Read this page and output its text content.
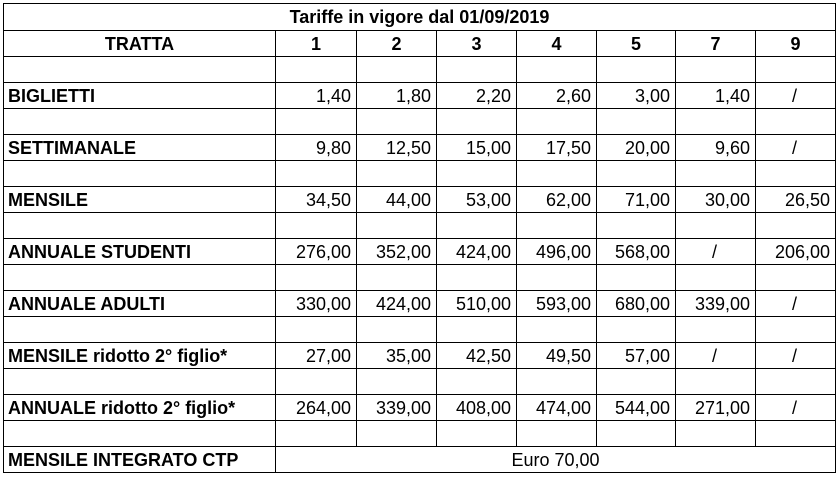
Tariffe in vigore dal 01/09/2019							
TRATTA	1	2	3	4	5	7	9

BIGLIETTI	1,40	1,80	2,20	2,60	3,00	1,40	/

SETTIMANALE	9,80	12,50	15,00	17,50	20,00	9,60	/

MENSILE	34,50	44,00	53,00	62,00	71,00	30,00	26,50

ANNUALE STUDENTI	276,00	352,00	424,00	496,00	568,00	/	206,00

ANNUALE ADULTI	330,00	424,00	510,00	593,00	680,00	339,00	/

MENSILE ridotto 2° figlio*	27,00	35,00	42,50	49,50	57,00	/	/

ANNUALE ridotto 2° figlio*	264,00	339,00	408,00	474,00	544,00	271,00	/

MENSILE INTEGRATO CTP	Euro 70,00						
